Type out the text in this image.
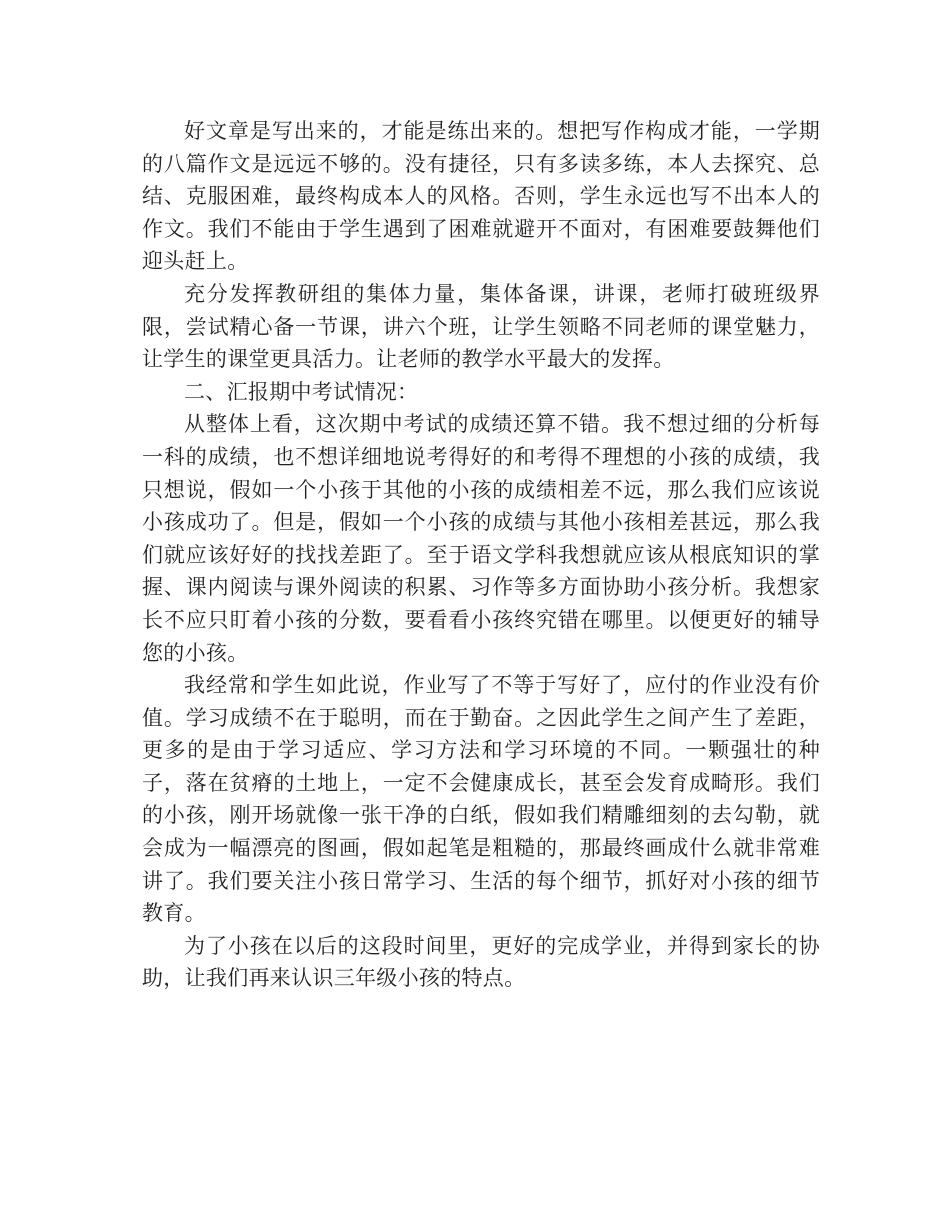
好文章是写出来的，才能是练出来的。想把写作构成才能，一学期的八篇作文是远远不够的。没有捷径，只有多读多练，本人去探究、总结、克服困难，最终构成本人的风格。否则，学生永远也写不出本人的作文。我们不能由于学生遇到了困难就避开不面对，有困难要鼓舞他们迎头赶上。

充分发挥教研组的集体力量，集体备课，讲课，老师打破班级界限，尝试精心备一节课，讲六个班，让学生领略不同老师的课堂魅力，让学生的课堂更具活力。让老师的教学水平最大的发挥。

二、汇报期中考试情况：

从整体上看，这次期中考试的成绩还算不错。我不想过细的分析每一科的成绩，也不想详细地说考得好的和考得不理想的小孩的成绩，我只想说，假如一个小孩于其他的小孩的成绩相差不远，那么我们应该说小孩成功了。但是，假如一个小孩的成绩与其他小孩相差甚远，那么我们就应该好好的找找差距了。至于语文学科我想就应该从根底知识的掌握、课内阅读与课外阅读的积累、习作等多方面协助小孩分析。我想家长不应只盯着小孩的分数，要看看小孩终究错在哪里。以便更好的辅导您的小孩。

我经常和学生如此说，作业写了不等于写好了，应付的作业没有价值。学习成绩不在于聪明，而在于勤奋。之因此学生之间产生了差距，更多的是由于学习适应、学习方法和学习环境的不同。一颗强壮的种子，落在贫瘠的土地上，一定不会健康成长，甚至会发育成畸形。我们的小孩，刚开场就像一张干净的白纸，假如我们精雕细刻的去勾勒，就会成为一幅漂亮的图画，假如起笔是粗糙的，那最终画成什么就非常难讲了。我们要关注小孩日常学习、生活的每个细节，抓好对小孩的细节教育。

为了小孩在以后的这段时间里，更好的完成学业，并得到家长的协助，让我们再来认识三年级小孩的特点。
